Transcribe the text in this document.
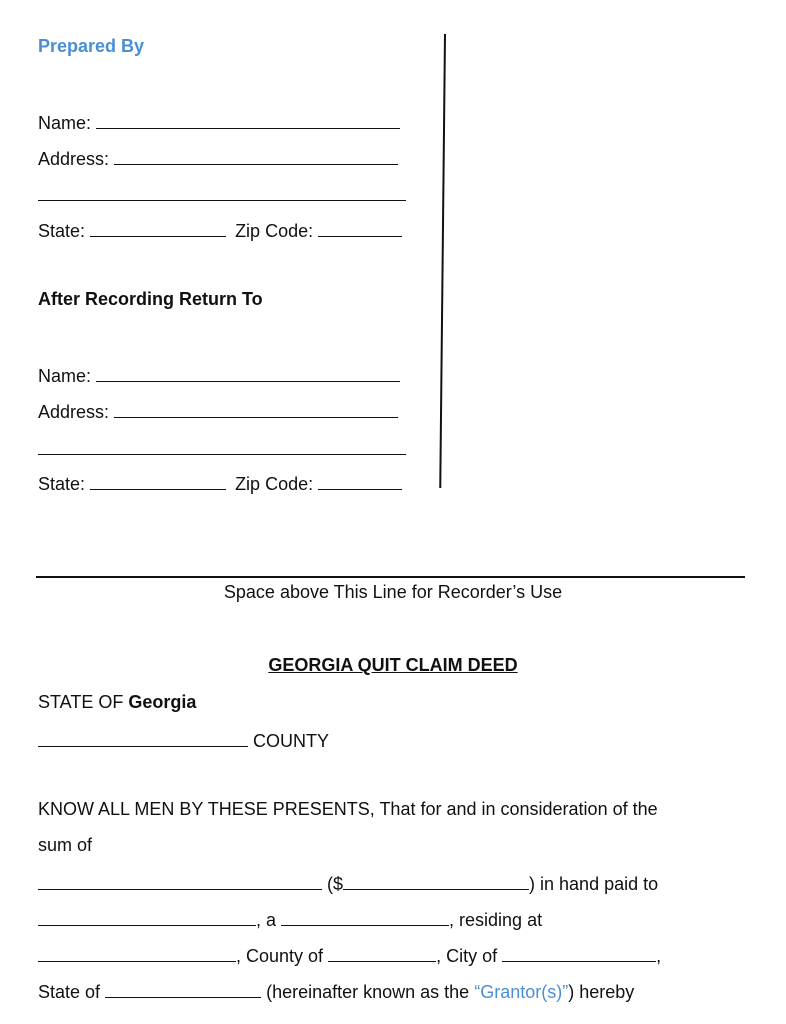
Prepared By
Name:
Address:
State:	Zip Code:
After Recording Return To
Name:
Address:
State:	Zip Code:
Space above This Line for Recorder’s Use
GEORGIA QUIT CLAIM DEED
STATE OF Georgia
COUNTY
KNOW ALL MEN BY THESE PRESENTS, That for and in consideration of the
sum of
($	) in hand paid to
, a	, residing at
, County of	, City of	,
State of	(hereinafter known as the “Grantor(s)”) hereby
